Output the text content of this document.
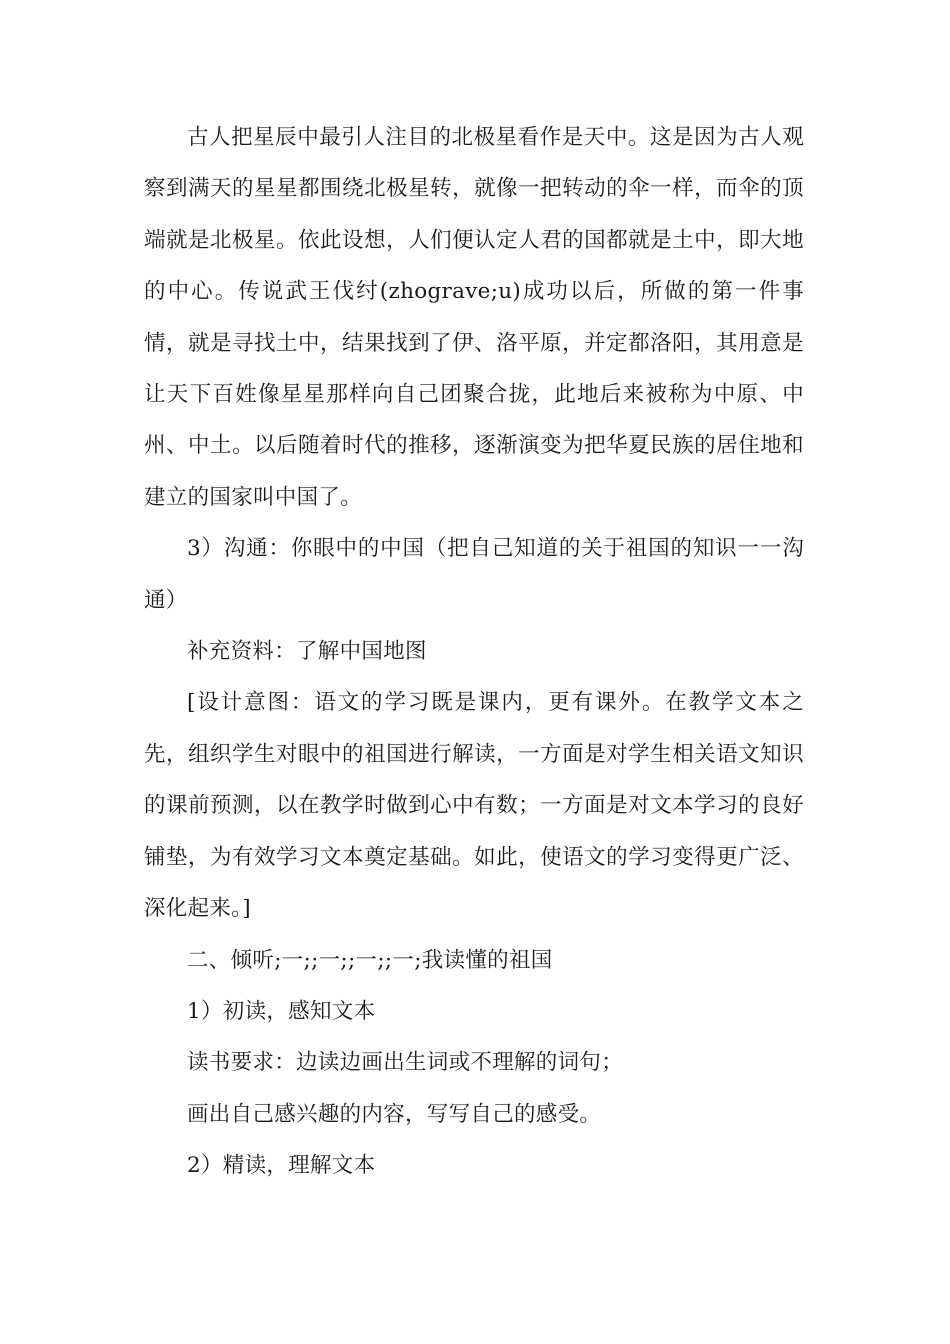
古人把星辰中最引人注目的北极星看作是天中。这是因为古人观察到满天的星星都围绕北极星转，就像一把转动的伞一样，而伞的顶端就是北极星。依此设想，人们便认定人君的国都就是土中，即大地的中心。传说武王伐纣(zhograve;u)成功以后，所做的第一件事情，就是寻找土中，结果找到了伊、洛平原，并定都洛阳，其用意是让天下百姓像星星那样向自己团聚合拢，此地后来被称为中原、中州、中土。以后随着时代的推移，逐渐演变为把华夏民族的居住地和建立的国家叫中国了。

3）沟通：你眼中的中国（把自己知道的关于祖国的知识一一沟通）

补充资料：了解中国地图

[设计意图：语文的学习既是课内，更有课外。在教学文本之先，组织学生对眼中的祖国进行解读，一方面是对学生相关语文知识的课前预测，以在教学时做到心中有数；一方面是对文本学习的良好铺垫，为有效学习文本奠定基础。如此，使语文的学习变得更广泛、深化起来。]

二、倾听;一;;一;;一;;一;我读懂的祖国

1）初读，感知文本

读书要求：边读边画出生词或不理解的词句；

画出自己感兴趣的内容，写写自己的感受。

2）精读，理解文本
